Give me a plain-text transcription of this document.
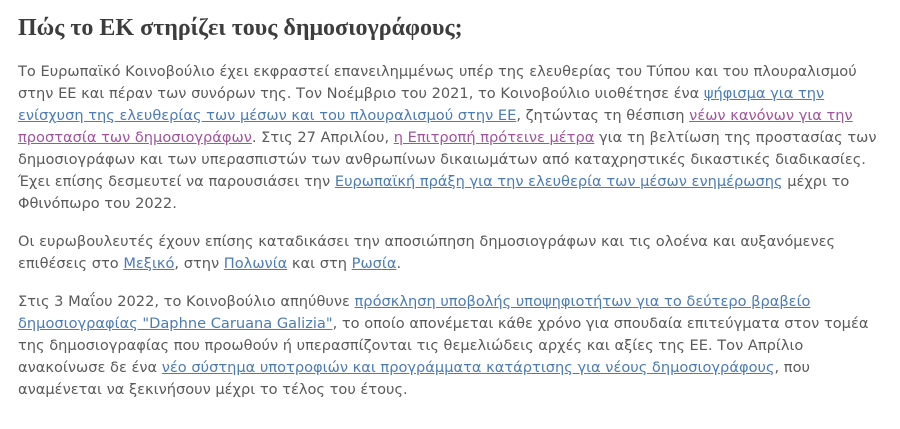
Πώς το ΕΚ στηρίζει τους δημοσιογράφους;

Το Ευρωπαϊκό Κοινοβούλιο έχει εκφραστεί επανειλημμένως υπέρ της ελευθερίας του Τύπου και του πλουραλισμού στην ΕΕ και πέραν των συνόρων της. Τον Νοέμβριο του 2021, το Κοινοβούλιο υιοθέτησε ένα ψήφισμα για την ενίσχυση της ελευθερίας των μέσων και του πλουραλισμού στην ΕΕ, ζητώντας τη θέσπιση νέων κανόνων για την προστασία των δημοσιογράφων. Στις 27 Απριλίου, η Επιτροπή πρότεινε μέτρα για τη βελτίωση της προστασίας των δημοσιογράφων και των υπερασπιστών των ανθρωπίνων δικαιωμάτων από καταχρηστικές δικαστικές διαδικασίες. Έχει επίσης δεσμευτεί να παρουσιάσει την Ευρωπαϊκή πράξη για την ελευθερία των μέσων ενημέρωσης μέχρι το Φθινόπωρο του 2022.

Οι ευρωβουλευτές έχουν επίσης καταδικάσει την αποσιώπηση δημοσιογράφων και τις ολοένα και αυξανόμενες επιθέσεις στο Μεξικό, στην Πολωνία και στη Ρωσία.

Στις 3 Μαΐου 2022, το Κοινοβούλιο απηύθυνε πρόσκληση υποβολής υποψηφιοτήτων για το δεύτερο βραβείο δημοσιογραφίας "Daphne Caruana Galizia", το οποίο απονέμεται κάθε χρόνο για σπουδαία επιτεύγματα στον τομέα της δημοσιογραφίας που προωθούν ή υπερασπίζονται τις θεμελιώδεις αρχές και αξίες της ΕΕ. Τον Απρίλιο ανακοίνωσε δε ένα νέο σύστημα υποτροφιών και προγράμματα κατάρτισης για νέους δημοσιογράφους, που αναμένεται να ξεκινήσουν μέχρι το τέλος του έτους.
